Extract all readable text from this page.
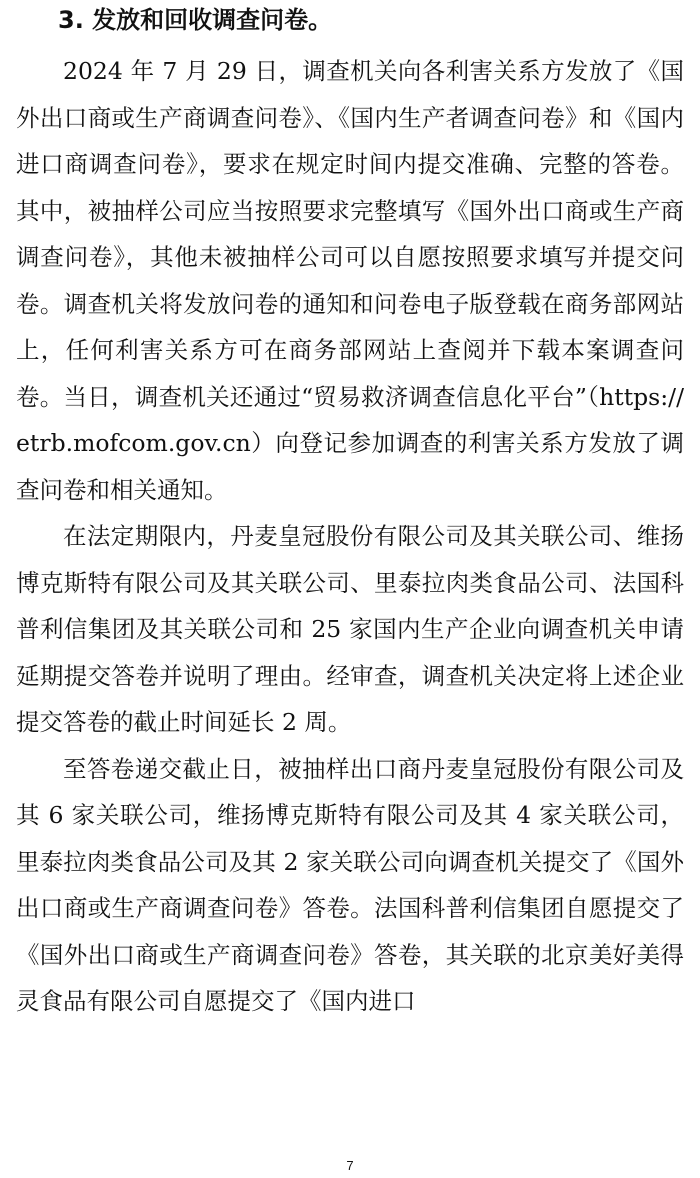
3. 发放和回收调查问卷。

2024 年 7 月 29 日，调查机关向各利害关系方发放了《国外出口商或生产商调查问卷》、《国内生产者调查问卷》和《国内进口商调查问卷》，要求在规定时间内提交准确、完整的答卷。其中，被抽样公司应当按照要求完整填写《国外出口商或生产商调查问卷》，其他未被抽样公司可以自愿按照要求填写并提交问卷。调查机关将发放问卷的通知和问卷电子版登载在商务部网站上，任何利害关系方可在商务部网站上查阅并下载本案调查问卷。当日，调查机关还通过“贸易救济调查信息化平台”（https:// etrb.mofcom.gov.cn）向登记参加调查的利害关系方发放了调查问卷和相关通知。

在法定期限内，丹麦皇冠股份有限公司及其关联公司、维扬博克斯特有限公司及其关联公司、里泰拉肉类食品公司、法国科普利信集团及其关联公司和 25 家国内生产企业向调查机关申请延期提交答卷并说明了理由。经审查，调查机关决定将上述企业提交答卷的截止时间延长 2 周。

至答卷递交截止日，被抽样出口商丹麦皇冠股份有限公司及其 6 家关联公司，维扬博克斯特有限公司及其 4 家关联公司，里泰拉肉类食品公司及其 2 家关联公司向调查机关提交了《国外出口商或生产商调查问卷》答卷。法国科普利信集团自愿提交了《国外出口商或生产商调查问卷》答卷，其关联的北京美好美得灵食品有限公司自愿提交了《国内进口

7
